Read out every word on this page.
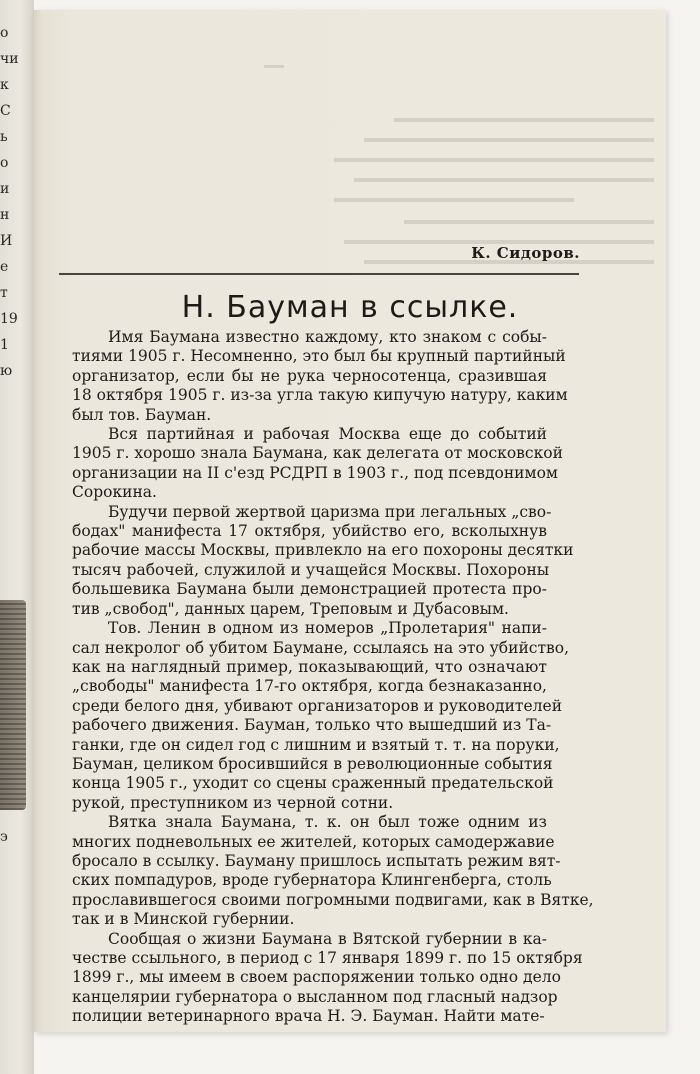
о
чи
к
С
ь
о
и
н
И
е
т
19
1
ю
э
К. Сидоров.
Н. Бауман в ссылке.

Имя Баумана известно каждому, кто знаком с собы-
тиями 1905 г. Несомненно, это был бы крупный партийный
организатор, если бы не рука черносотенца, сразившая
18 октября 1905 г. из-за угла такую кипучую натуру, каким
был тов. Бауман.

Вся партийная и рабочая Москва еще до событий
1905 г. хорошо знала Баумана, как делегата от московской
организации на II с'езд РСДРП в 1903 г., под псевдонимом
Сорокина.

Будучи первой жертвой царизма при легальных „сво-
бодах" манифеста 17 октября, убийство его, всколыхнув
рабочие массы Москвы, привлекло на его похороны десятки
тысяч рабочей, служилой и учащейся Москвы. Похороны
большевика Баумана были демонстрацией протеста про-
тив „свобод", данных царем, Треповым и Дубасовым.

Тов. Ленин в одном из номеров „Пролетария" напи-
сал некролог об убитом Баумане, ссылаясь на это убийство,
как на наглядный пример, показывающий, что означают
„свободы" манифеста 17-го октября, когда безнаказанно,
среди белого дня, убивают организаторов и руководителей
рабочего движения. Бауман, только что вышедший из Та-
ганки, где он сидел год с лишним и взятый т. т. на поруки,
Бауман, целиком бросившийся в революционные события
конца 1905 г., уходит со сцены сраженный предательской
рукой, преступником из черной сотни.

Вятка знала Баумана, т. к. он был тоже одним из
многих подневольных ее жителей, которых самодержавие
бросало в ссылку. Бауману пришлось испытать режим вят-
ских помпадуров, вроде губернатора Клингенберга, столь
прославившегося своими погромными подвигами, как в Вятке,
так и в Минской губернии.

Сообщая о жизни Баумана в Вятской губернии в ка-
честве ссыльного, в период с 17 января 1899 г. по 15 октября
1899 г., мы имеем в своем распоряжении только одно дело
канцелярии губернатора о высланном под гласный надзор
полиции ветеринарного врача Н. Э. Бауман. Найти мате-
